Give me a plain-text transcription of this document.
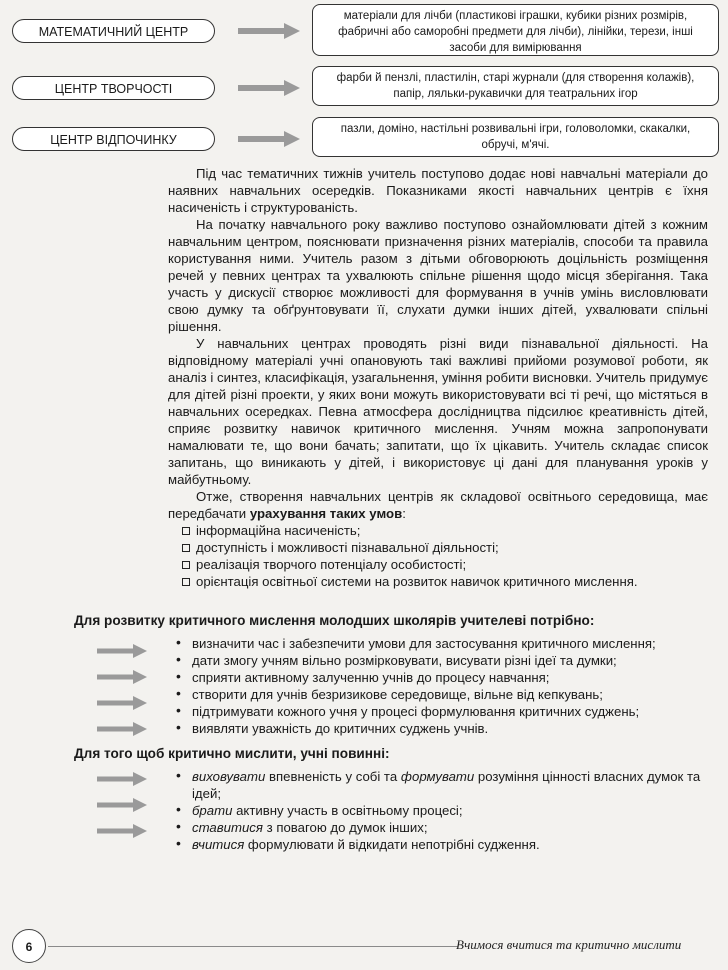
МАТЕМАТИЧНИЙ ЦЕНТР
матеріали для лічби (пластикові іграшки, кубики різних розмірів, фабричні або саморобні предмети для лічби), лінійки, терези, інші засоби для вимірювання
ЦЕНТР ТВОРЧОСТІ
фарби й пензлі, пластилін, старі журнали (для створення колажів), папір, ляльки-рукавички для театральних ігор
ЦЕНТР ВІДПОЧИНКУ
пазли, доміно, настільні розвивальні ігри, головоломки, скакалки, обручі, м'ячі.

Під час тематичних тижнів учитель поступово додає нові навчальні матеріали до наявних навчальних осередків. Показниками якості навчальних центрів є їхня насиченість і структурованість.

На початку навчального року важливо поступово ознайомлювати дітей з кожним навчальним центром, пояснювати призначення різних матеріалів, способи та правила користування ними. Учитель разом з дітьми обговорюють доцільність розміщення речей у певних центрах та ухвалюють спільне рішення щодо місця зберігання. Така участь у дискусії створює можливості для формування в учнів умінь висловлювати свою думку та обґрунтовувати її, слухати думки інших дітей, ухвалювати спільні рішення.

У навчальних центрах проводять різні види пізнавальної діяльності. На відповідному матеріалі учні опановують такі важливі прийоми розумової роботи, як аналіз і синтез, класифікація, узагальнення, уміння робити висновки. Учитель придумує для дітей різні проекти, у яких вони можуть використовувати всі ті речі, що містяться в навчальних осередках. Певна атмосфера дослідництва підсилює креативність дітей, сприяє розвитку навичок критичного мислення. Учням можна запропонувати намалювати те, що вони бачать; запитати, що їх цікавить. Учитель складає список запитань, що виникають у дітей, і використовує ці дані для планування уроків у майбутньому.

Отже, створення навчальних центрів як складової освітнього середовища, має передбачати урахування таких умов:

інформаційна насиченість;
доступність і можливості пізнавальної діяльності;
реалізація творчого потенціалу особистості;
орієнтація освітньої системи на розвиток навичок критичного мислення.
Для розвитку критичного мислення молодших школярів учителеві потрібно:
• визначити час і забезпечити умови для застосування критичного мислення;
• дати змогу учням вільно розмірковувати, висувати різні ідеї та думки;
• сприяти активному залученню учнів до процесу навчання;
• створити для учнів безризикове середовище, вільне від кепкувань;
• підтримувати кожного учня у процесі формулювання критичних суджень;
• виявляти уважність до критичних суджень учнів.
Для того щоб критично мислити, учні повинні:
• виховувати впевненість у собі та формувати розуміння цінності власних думок та ідей;
• брати активну участь в освітньому процесі;
• ставитися з повагою до думок інших;
• вчитися формулювати й відкидати непотрібні судження.
6	Вчимося вчитися та критично мислити
